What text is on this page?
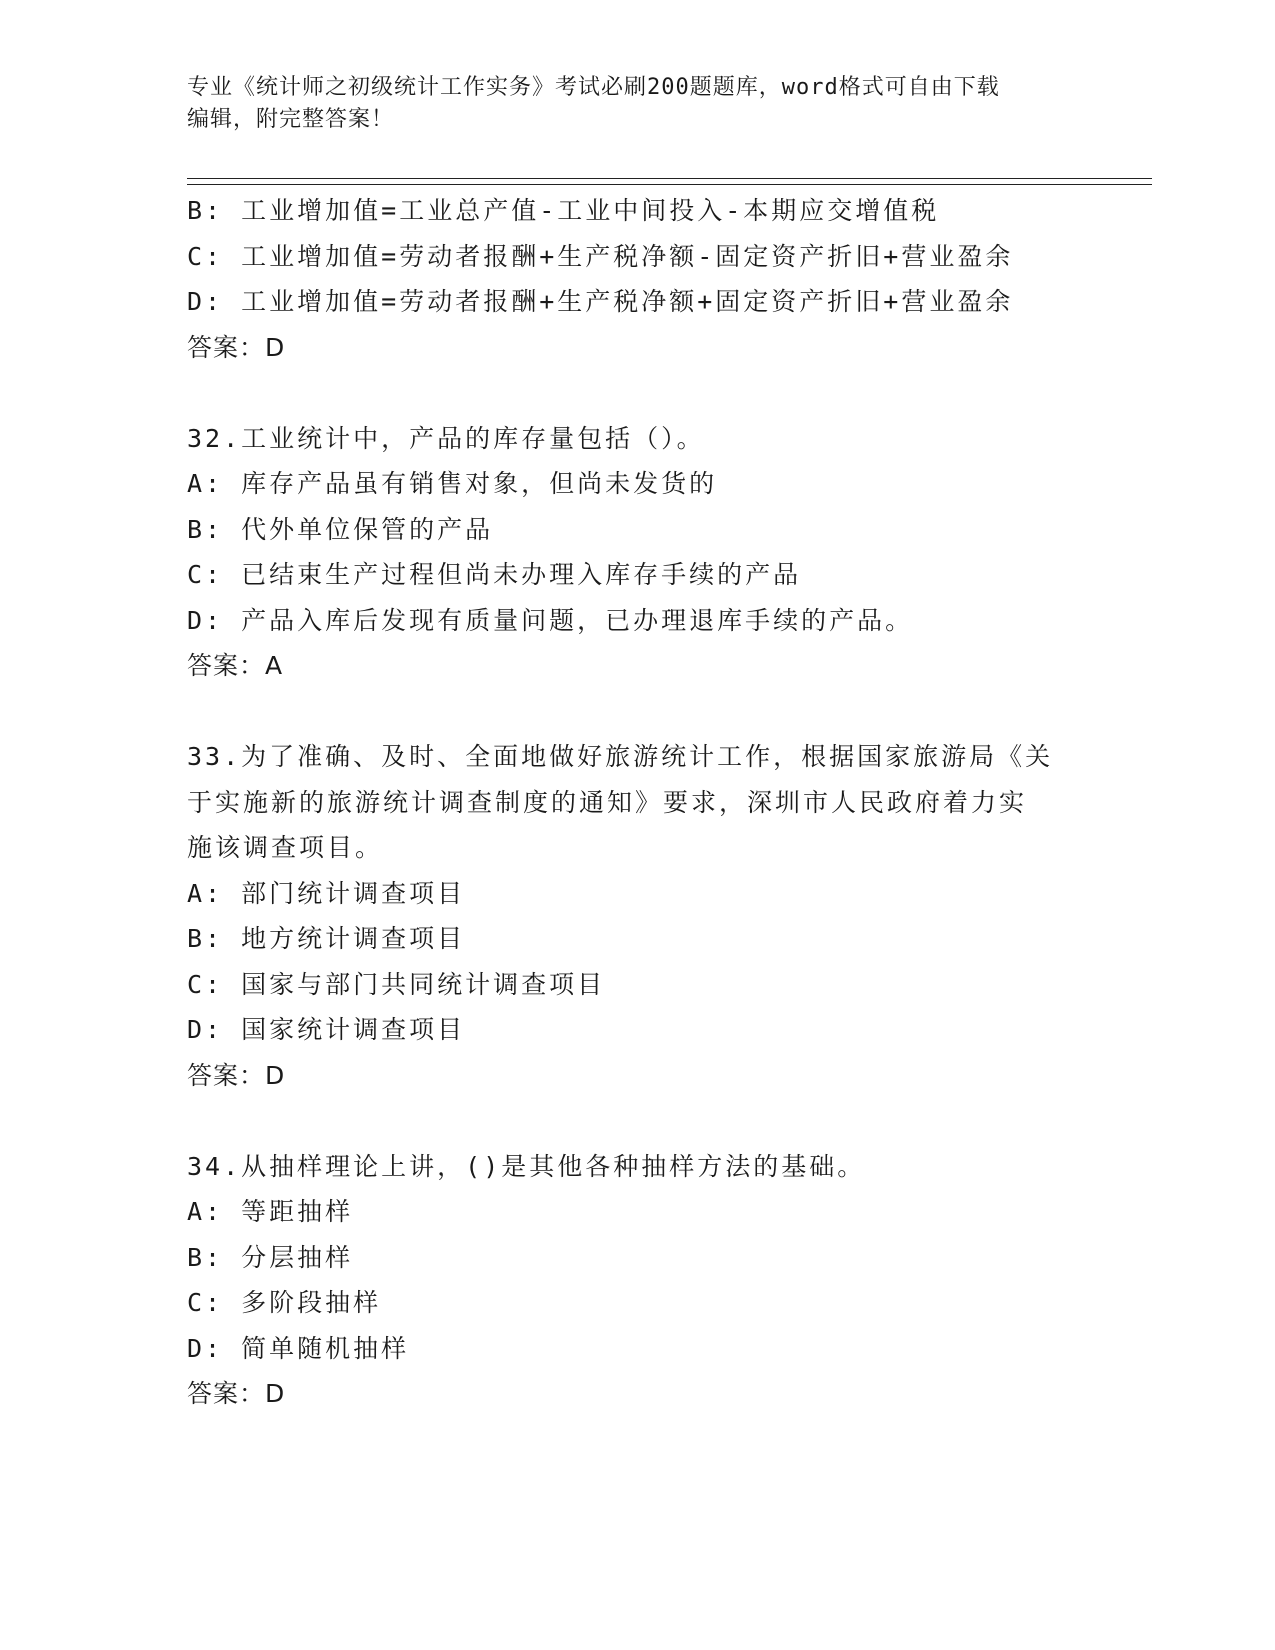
专业《统计师之初级统计工作实务》考试必刷200题题库，word格式可自由下载
编辑，附完整答案！
B: 工业增加值=工业总产值-工业中间投入-本期应交增值税
C: 工业增加值=劳动者报酬+生产税净额-固定资产折旧+营业盈余
D: 工业增加值=劳动者报酬+生产税净额+固定资产折旧+营业盈余
答案：D
32.工业统计中，产品的库存量包括（）。
A: 库存产品虽有销售对象，但尚未发货的
B: 代外单位保管的产品
C: 已结束生产过程但尚未办理入库存手续的产品
D: 产品入库后发现有质量问题，已办理退库手续的产品。
答案：A
33.为了准确、及时、全面地做好旅游统计工作，根据国家旅游局《关
于实施新的旅游统计调查制度的通知》要求，深圳市人民政府着力实
施该调查项目。
A: 部门统计调查项目
B: 地方统计调查项目
C: 国家与部门共同统计调查项目
D: 国家统计调查项目
答案：D
34.从抽样理论上讲，()是其他各种抽样方法的基础。
A: 等距抽样
B: 分层抽样
C: 多阶段抽样
D: 简单随机抽样
答案：D
